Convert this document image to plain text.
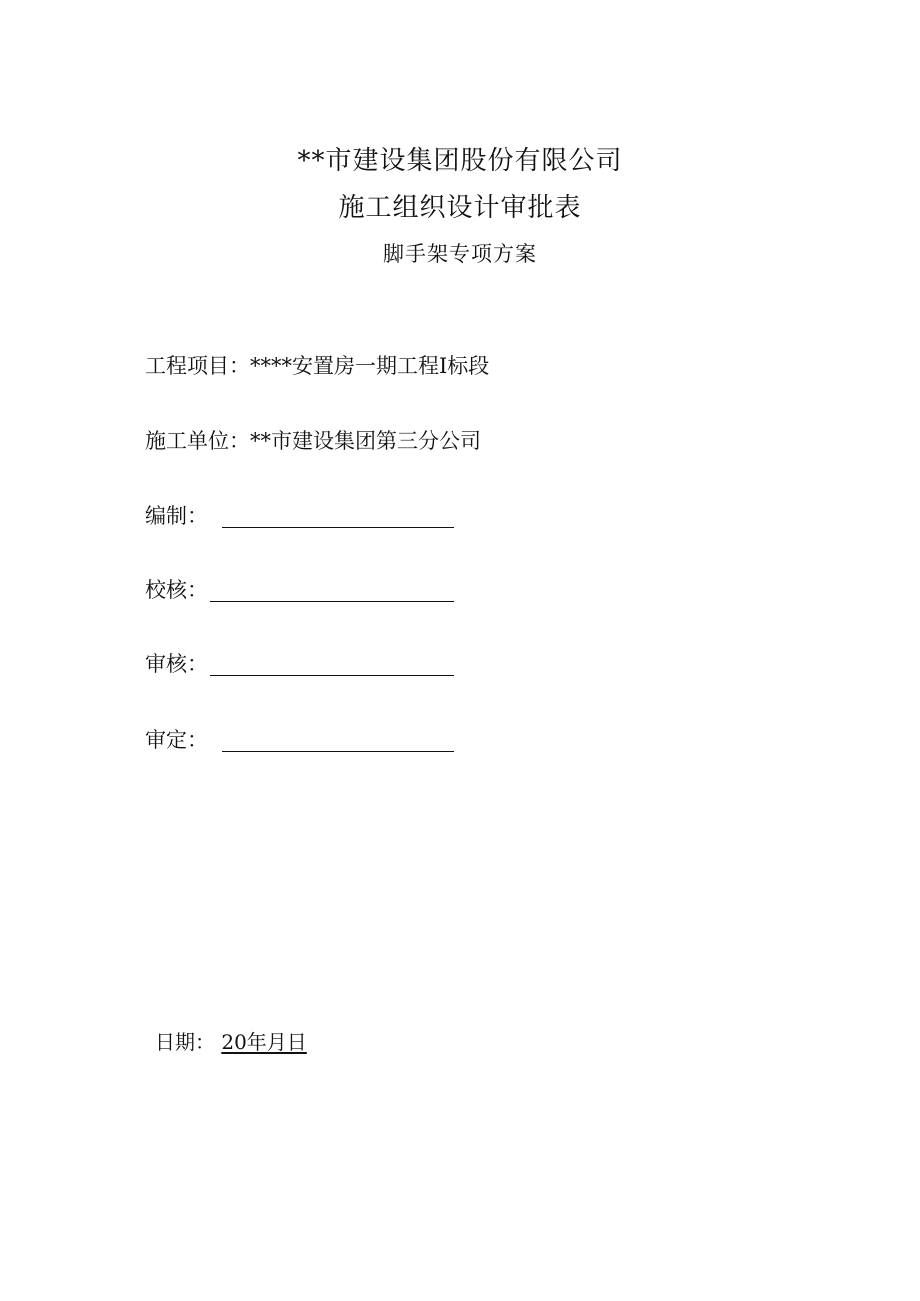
**市建设集团股份有限公司
施工组织设计审批表
脚手架专项方案
工程项目： ****安置房一期工程Ⅰ标段
施工单位： **市建设集团第三分公司
编制：
校核：
审核：
审定：
日期： 20年月日
